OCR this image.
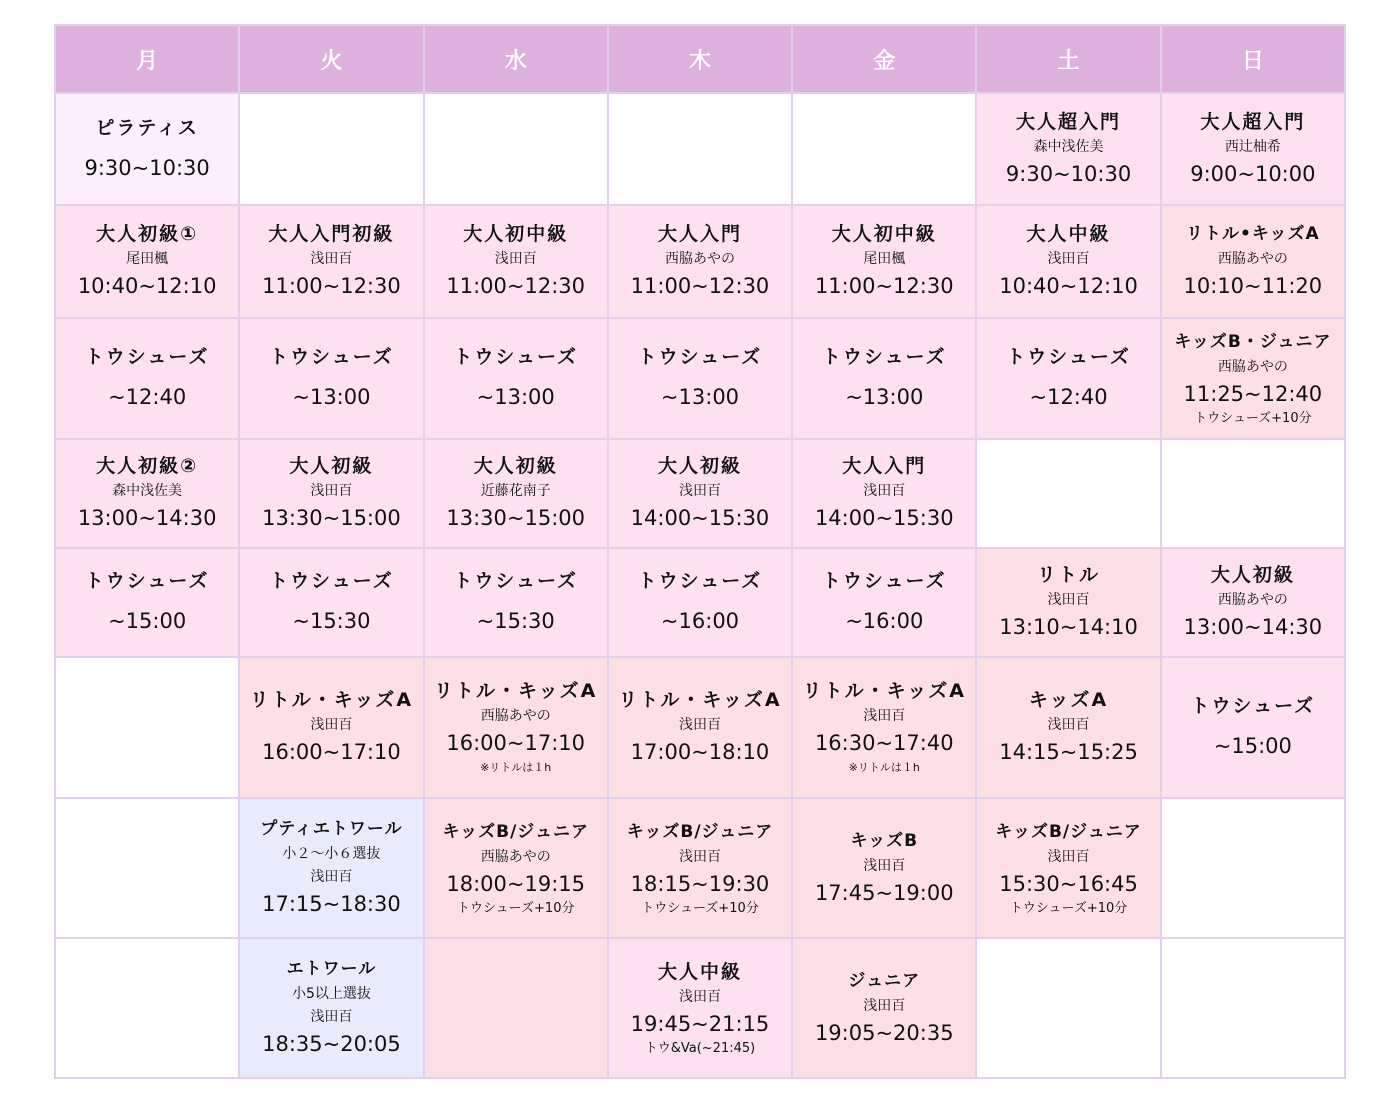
月	火	水	木	金	土	日

ピラティス
9:30~10:30					大人超入門
森中浅佐美
9:30~10:30	大人超入門
西辻柚希
9:00~10:00

大人初級①
尾田楓
10:40~12:10	大人入門初級
浅田百
11:00~12:30	大人初中級
浅田百
11:00~12:30	大人入門
西脇あやの
11:00~12:30	大人初中級
尾田楓
11:00~12:30	大人中級
浅田百
10:40~12:10	リトル•キッズA
西脇あやの
10:10~11:20

トウシューズ
~12:40	トウシューズ
~13:00	トウシューズ
~13:00	トウシューズ
~13:00	トウシューズ
~13:00	トウシューズ
~12:40	キッズB・ジュニア
西脇あやの
11:25~12:40
トウシューズ+10分

大人初級②
森中浅佐美
13:00~14:30	大人初級
浅田百
13:30~15:00	大人初級
近藤花南子
13:30~15:00	大人初級
浅田百
14:00~15:30	大人入門
浅田百
14:00~15:30		

トウシューズ
~15:00	トウシューズ
~15:30	トウシューズ
~15:30	トウシューズ
~16:00	トウシューズ
~16:00	リトル
浅田百
13:10~14:10	大人初級
西脇あやの
13:00~14:30

	リトル・キッズA
浅田百
16:00~17:10	リトル・キッズA
西脇あやの
16:00~17:10
※リトルは１h	リトル・キッズA
浅田百
17:00~18:10	リトル・キッズA
浅田百
16:30~17:40
※リトルは１h	キッズA
浅田百
14:15~15:25	トウシューズ
~15:00

	プティエトワール
小２〜小６選抜
浅田百
17:15~18:30	キッズB/ジュニア
西脇あやの
18:00~19:15
トウシューズ+10分	キッズB/ジュニア
浅田百
18:15~19:30
トウシューズ+10分	キッズB
浅田百
17:45~19:00	キッズB/ジュニア
浅田百
15:30~16:45
トウシューズ+10分	

	エトワール
小5以上選抜
浅田百
18:35~20:05		大人中級
浅田百
19:45~21:15
トウ&Va(~21:45)	ジュニア
浅田百
19:05~20:35		
